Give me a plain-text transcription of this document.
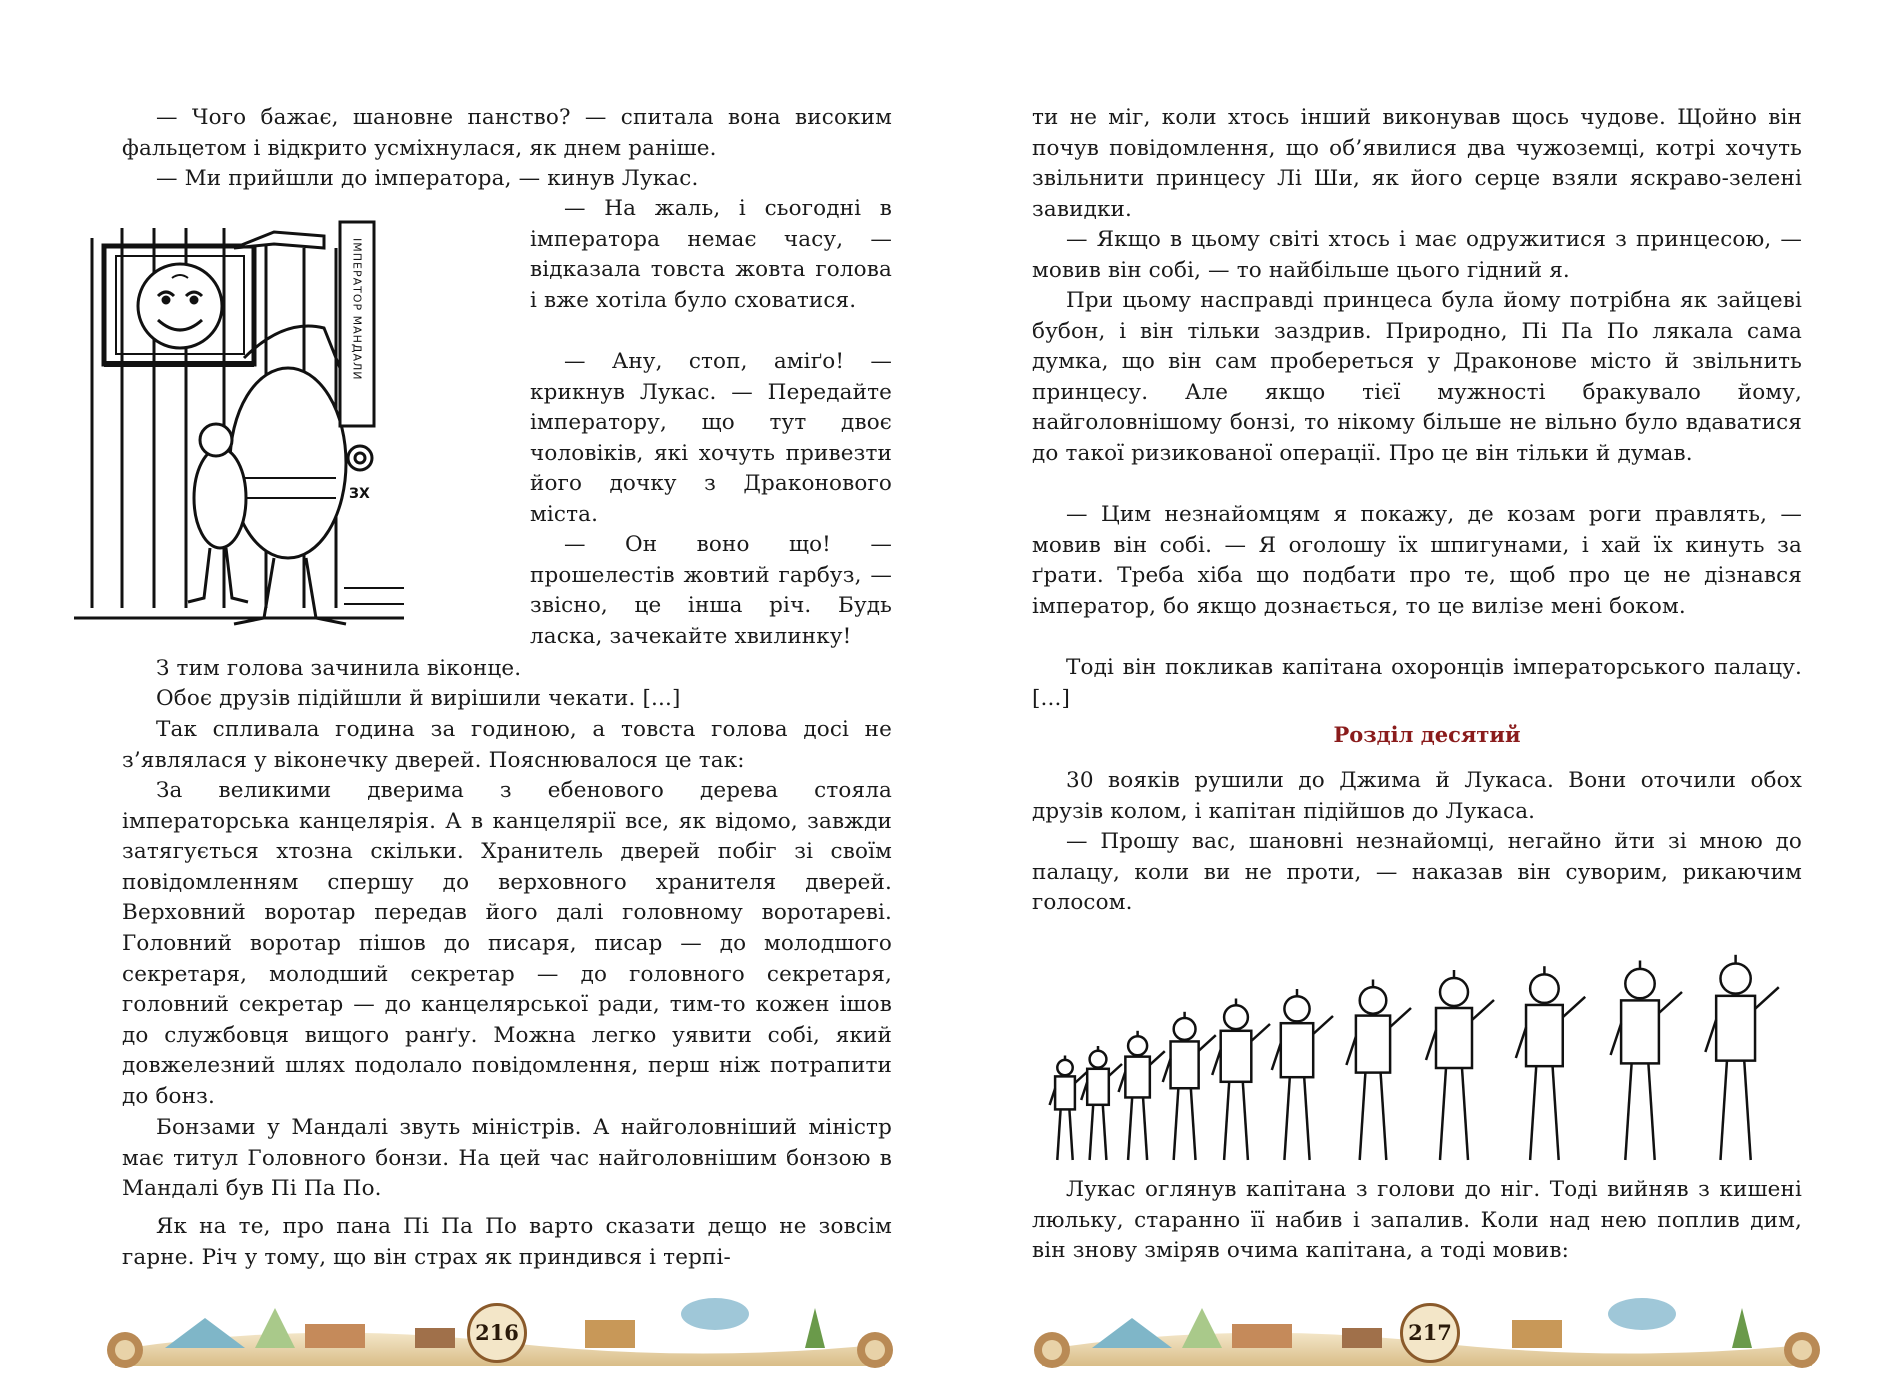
— Чого бажає, шановне панство? — спитала вона високим фальцетом і відкрито усміхнулася, як днем раніше.

— Ми прийшли до імператора, — кинув Лукас.

ІМПЕРАТОР МАНДАЛИ
ЗХ

— На жаль, і сьогодні в імператора немає часу, — відказала товста жовта голова і вже хотіла було сховатися.

— Ану, стоп, аміґо! — крикнув Лукас. — Передайте імператору, що тут двоє чоловіків, які хочуть привезти його дочку з Драконового міста.

— Он воно що! — прошелестів жовтий гарбуз, — звісно, це інша річ. Будь ласка, зачекайте хвилинку!

З тим голова зачинила віконце.

Обоє друзів підійшли й вирішили чекати. [...]

Так спливала година за годиною, а товста голова досі не з’являлася у віконечку дверей. Пояснювалося це так:

За великими дверима з ебенового дерева стояла імператорська канцелярія. А в канцелярії все, як відомо, завжди затягується хтозна скільки. Хранитель дверей побіг зі своїм повідомленням спершу до верховного хранителя дверей. Верховний воротар передав його далі головному воротареві. Головний воротар пішов до писаря, писар — до молодшого секретаря, молодший секретар — до головного секретаря, головний секретар — до канцелярської ради, тим-то кожен ішов до службовця вищого ранґу. Можна легко уявити собі, який довжелезний шлях подолало повідомлення, перш ніж потрапити до бонз.

Бонзами у Мандалі звуть міністрів. А найголовніший міністр має титул Головного бонзи. На цей час найголовнішим бонзою в Мандалі був Пі Па По.

Як на те, про пана Пі Па По варто сказати дещо не зовсім гарне. Річ у тому, що він страх як приндився і терпі-

216

ти не міг, коли хтось інший виконував щось чудове. Щойно він почув повідомлення, що об’явилися два чужоземці, котрі хочуть звільнити принцесу Лі Ши, як його серце взяли яскраво-зелені завидки.

— Якщо в цьому світі хтось і має одружитися з принцесою, — мовив він собі, — то найбільше цього гідний я.

При цьому насправді принцеса була йому потрібна як зайцеві бубон, і він тільки заздрив. Природно, Пі Па По лякала сама думка, що він сам пробереться у Драконове місто й звільнить принцесу. Але якщо тієї мужності бракувало йому, найголовнішому бонзі, то нікому більше не вільно було вдаватися до такої ризикованої операції. Про це він тільки й думав.

— Цим незнайомцям я покажу, де козам роги правлять, — мовив він собі. — Я оголошу їх шпигунами, і хай їх кинуть за ґрати. Треба хіба що подбати про те, щоб про це не дізнався імператор, бо якщо дознається, то це вилізе мені боком.

Тоді він покликав капітана охоронців імператорського палацу. [...]

Розділ десятий

30 вояків рушили до Джима й Лукаса. Вони оточили обох друзів колом, і капітан підійшов до Лукаса.

— Прошу вас, шановні незнайомці, негайно йти зі мною до палацу, коли ви не проти, — наказав він суворим, рикаючим голосом.

Лукас оглянув капітана з голови до ніг. Тоді вийняв з кишені люльку, старанно її набив і запалив. Коли над нею поплив дим, він знову зміряв очима капітана, а тоді мовив:

217
